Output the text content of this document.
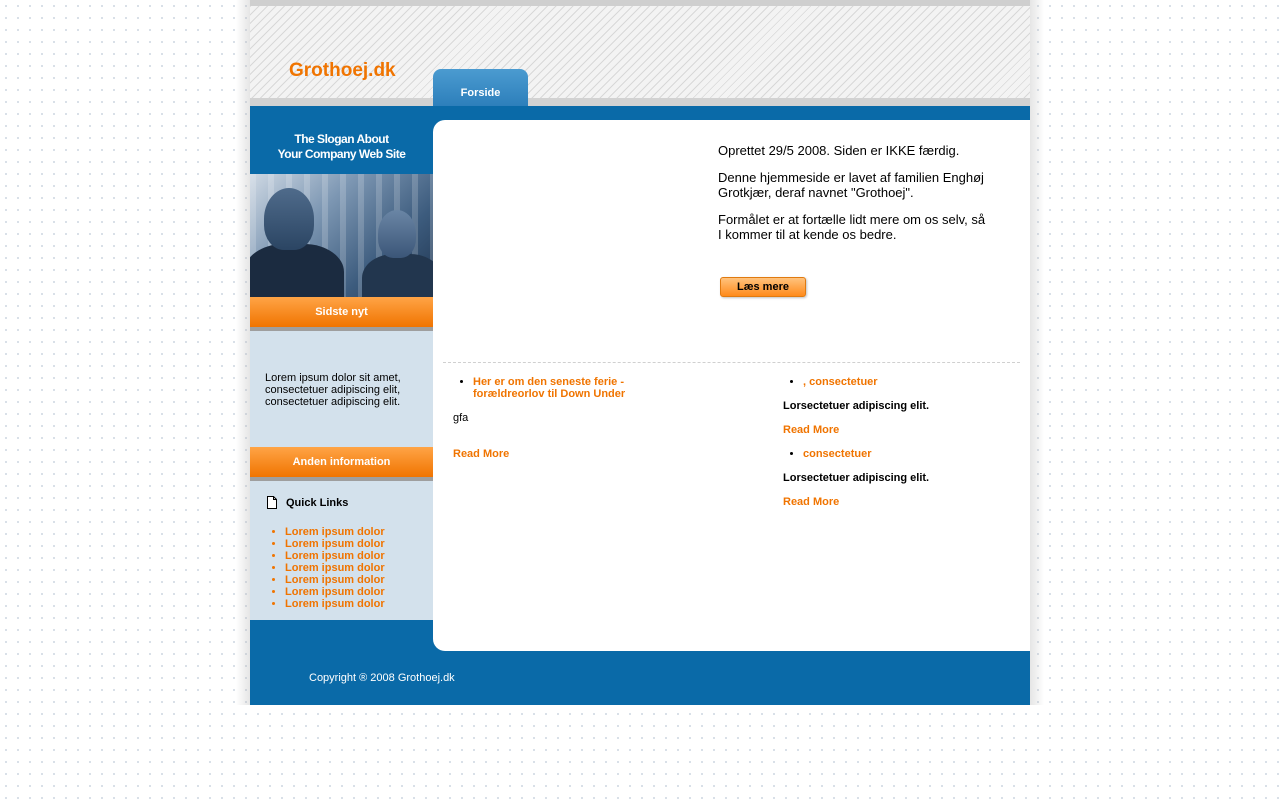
Grothoej.dk
Forside
The Slogan About
Your Company Web Site
Sidste nyt
Lorem ipsum dolor sit amet, consectetuer adipiscing elit, consectetuer adipiscing elit.
Anden information
Quick Links
• Lorem ipsum dolor
• Lorem ipsum dolor
• Lorem ipsum dolor
• Lorem ipsum dolor
• Lorem ipsum dolor
• Lorem ipsum dolor
• Lorem ipsum dolor

Oprettet 29/5 2008. Siden er IKKE færdig.

Denne hjemmeside er lavet af familien Enghøj Grotkjær, deraf navnet "Grothoej".

Formålet er at fortælle lidt mere om os selv, så I kommer til at kende os bedre.

Læs mere
• Her er om den seneste ferie - forældreorlov til Down Under

gfa

Read More

• , consectetuer

Lorsectetuer adipiscing elit.

Read More

• consectetuer

Lorsectetuer adipiscing elit.

Read More

Copyright ® 2008 Grothoej.dk
